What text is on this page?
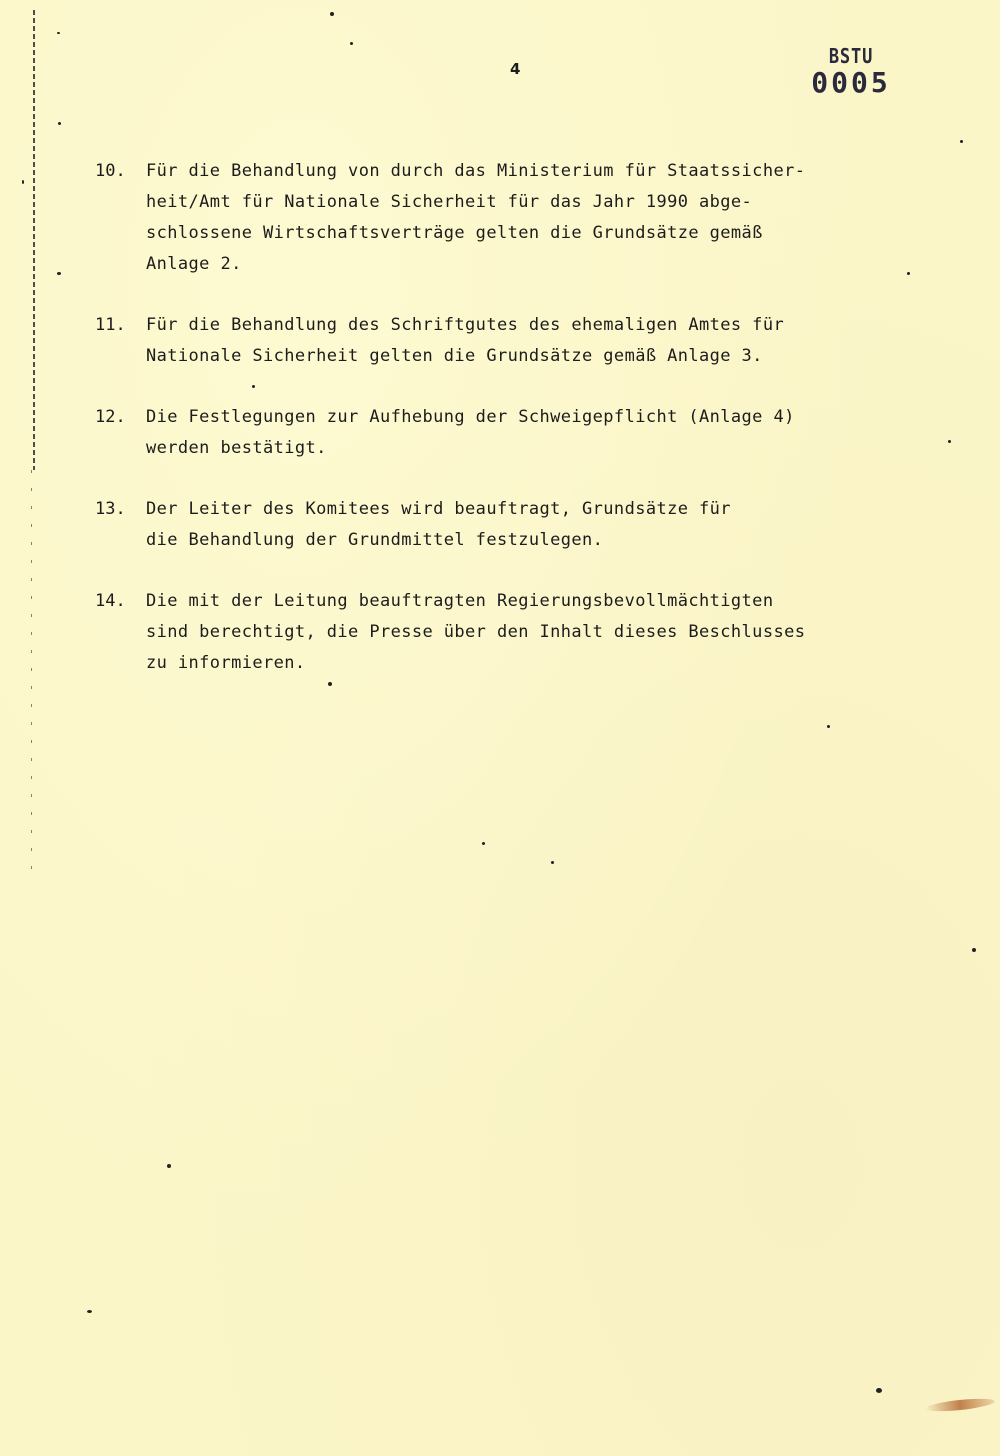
4
BSTU
0005
10.	Für die Behandlung von durch das Ministerium für Staatssicher-
heit/Amt für Nationale Sicherheit für das Jahr 1990 abge-
schlossene Wirtschaftsverträge gelten die Grundsätze gemäß
Anlage 2.
11.	Für die Behandlung des Schriftgutes des ehemaligen Amtes für
Nationale Sicherheit gelten die Grundsätze gemäß Anlage 3.
12.	Die Festlegungen zur Aufhebung der Schweigepflicht (Anlage 4)
werden bestätigt.
13.	Der Leiter des Komitees wird beauftragt, Grundsätze für
die Behandlung der Grundmittel festzulegen.
14.	Die mit der Leitung beauftragten Regierungsbevollmächtigten
sind berechtigt, die Presse über den Inhalt dieses Beschlusses
zu informieren.
